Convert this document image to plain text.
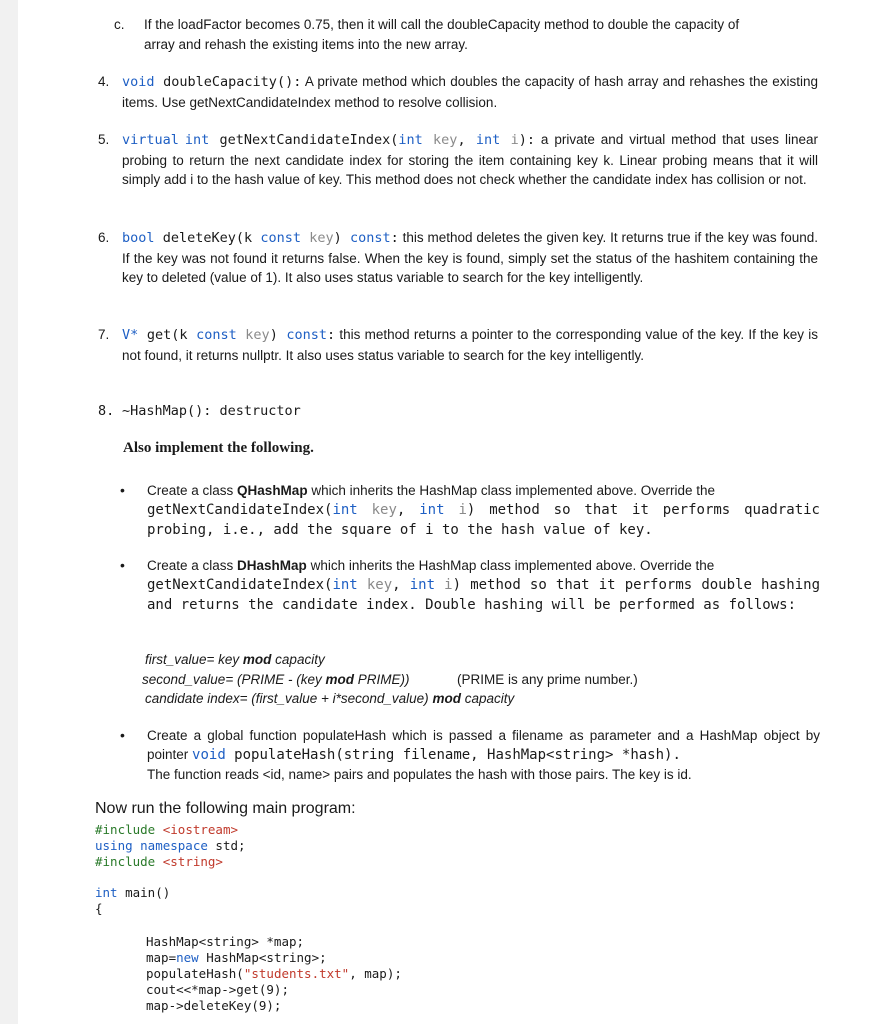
c. If the loadFactor becomes 0.75, then it will call the doubleCapacity method to double the capacity of
array and rehash the existing items into the new array.
4. void doubleCapacity(): A private method which doubles the capacity of hash array and rehashes the existing items. Use getNextCandidateIndex method to resolve collision.
5. virtual int getNextCandidateIndex(int key, int i): a private and virtual method that uses linear probing to return the next candidate index for storing the item containing key k. Linear probing means that it will simply add i to the hash value of key. This method does not check whether the candidate index has collision or not.
6. bool deleteKey(k const key) const: this method deletes the given key. It returns true if the key was found. If the key was not found it returns false. When the key is found, simply set the status of the hashitem containing the key to deleted (value of 1). It also uses status variable to search for the key intelligently.
7. V* get(k const key) const: this method returns a pointer to the corresponding value of the key. If the key is not found, it returns nullptr. It also uses status variable to search for the key intelligently.
8. ~HashMap(): destructor
Also implement the following.
• Create a class QHashMap which inherits the HashMap class implemented above. Override the
getNextCandidateIndex(int key, int i) method so that it performs quadratic probing, i.e., add the square of i to the hash value of key.
• Create a class DHashMap which inherits the HashMap class implemented above. Override the
getNextCandidateIndex(int key, int i) method so that it performs double hashing and returns the candidate index. Double hashing will be performed as follows:
first_value= key mod capacity
second_value= (PRIME - (key mod PRIME))	(PRIME is any prime number.)
candidate index= (first_value + i*second_value) mod capacity
• Create a global function populateHash which is passed a filename as parameter and a HashMap object by pointer void populateHash(string filename, HashMap<string> *hash).
The function reads <id, name> pairs and populates the hash with those pairs. The key is id.
Now run the following main program:
#include <iostream>
using namespace std;
#include <string>
int main()
{
HashMap<string> *map;
map=new HashMap<string>;
populateHash("students.txt", map);
cout<<*map->get(9);
map->deleteKey(9);
